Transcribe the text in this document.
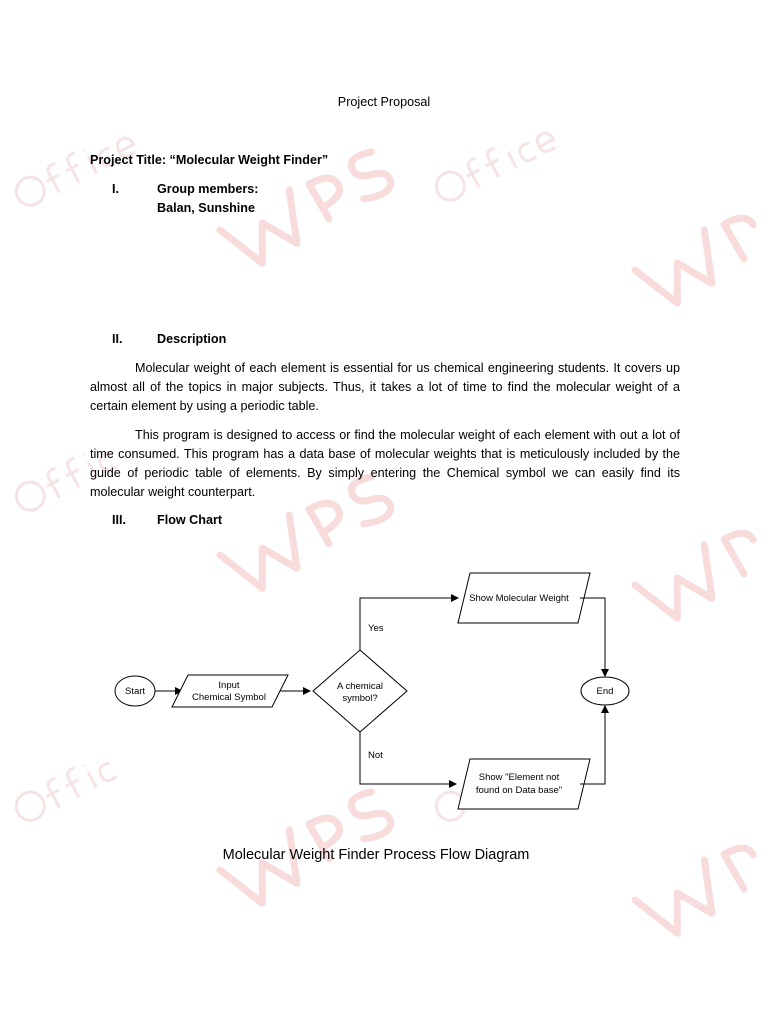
Project Proposal
Project Title: “Molecular Weight Finder”
I.	Group members:
Balan, Sunshine
II.	Description
Molecular weight of each element is essential for us chemical engineering students. It covers up almost all of the topics in major subjects. Thus, it takes a lot of time to find the molecular weight of a certain element by using a periodic table.
This program is designed to access or find the molecular weight of each element with out a lot of time consumed. This program has a data base of molecular weights that is meticulously included by the guide of periodic table of elements. By simply entering the Chemical symbol we can easily find its molecular weight counterpart.
III. Flow Chart
Start
Input
Chemical Symbol
A chemical
symbol?
Show Molecular Weight
Show "Element not
found on Data base"
End
Yes
Not
Molecular Weight Finder Process Flow Diagram
